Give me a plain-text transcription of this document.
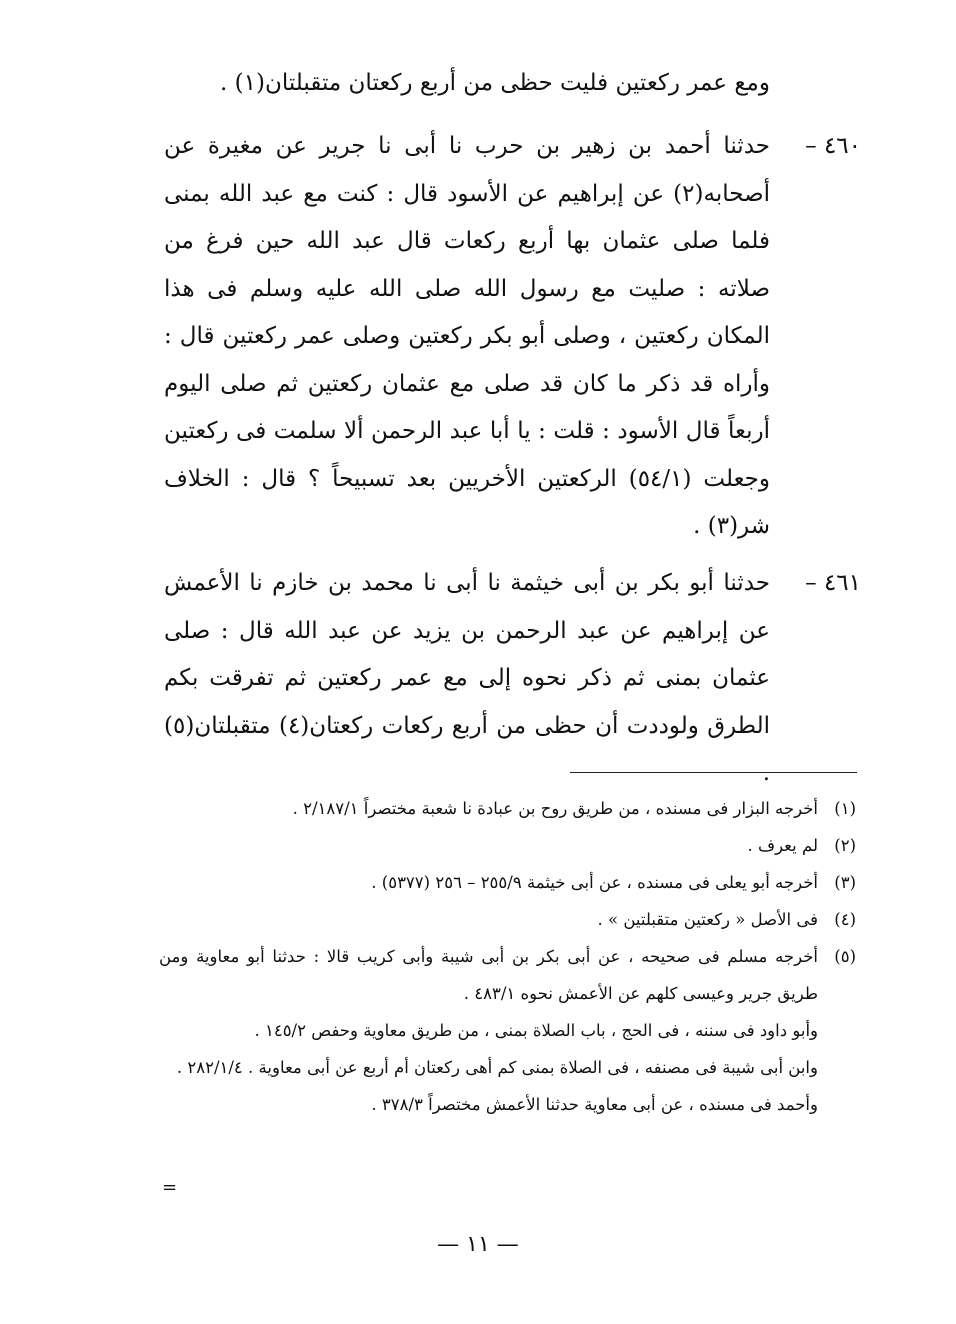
ومع عمر ركعتين فليت حظى من أربع ركعتان متقبلتان(١) .
٤٦٠ –
حدثنا أحمد بن زهير بن حرب نا أبى نا جرير عن مغيرة عن أصحابه(٢) عن إبراهيم عن الأسود قال : كنت مع عبد الله بمنى فلما صلى عثمان بها أربع ركعات قال عبد الله حين فرغ من صلاته : صليت مع رسول الله صلى الله عليه وسلم فى هذا المكان ركعتين ، وصلى أبو بكر ركعتين وصلى عمر ركعتين قال : وأراه قد ذكر ما كان قد صلى مع عثمان ركعتين ثم صلى اليوم أربعاً قال الأسود : قلت : يا أبا عبد الرحمن ألا سلمت فى ركعتين وجعلت (٥٤/١) الركعتين الأخريين بعد تسبيحاً ؟ قال : الخلاف شر(٣) .
٤٦١ –
حدثنا أبو بكر بن أبى خيثمة نا أبى نا محمد بن خازم نا الأعمش عن إبراهيم عن عبد الرحمن بن يزيد عن عبد الله قال : صلى عثمان بمنى ثم ذكر نحوه إلى مع عمر ركعتين ثم تفرقت بكم الطرق ولوددت أن حظى من أربع ركعات ركعتان(٤) متقبلتان(٥) .
(١)

أخرجه البزار فى مسنده ، من طريق روح بن عبادة نا شعبة مختصراً ٢/١٨٧/١ .

(٢)

لم يعرف .

(٣)

أخرجه أبو يعلى فى مسنده ، عن أبى خيثمة ٢٥٥/٩ – ٢٥٦ (٥٣٧٧) .

(٤)

فى الأصل « ركعتين متقبلتين » .

(٥)

أخرجه مسلم فى صحيحه ، عن أبى بكر بن أبى شيبة وأبى كريب قالا : حدثنا أبو معاوية ومن طريق جرير وعيسى كلهم عن الأعمش نحوه ٤٨٣/١ .

وأبو داود فى سننه ، فى الحج ، باب الصلاة بمنى ، من طريق معاوية وحفص ١٤٥/٢ .

وابن أبى شيبة فى مصنفه ، فى الصلاة بمنى كم أهى ركعتان أم أربع عن أبى معاوية . ٢٨٢/١/٤ .

وأحمد فى مسنده ، عن أبى معاوية حدثنا الأعمش مختصراً ٣٧٨/٣ .

=
— ١١ —
